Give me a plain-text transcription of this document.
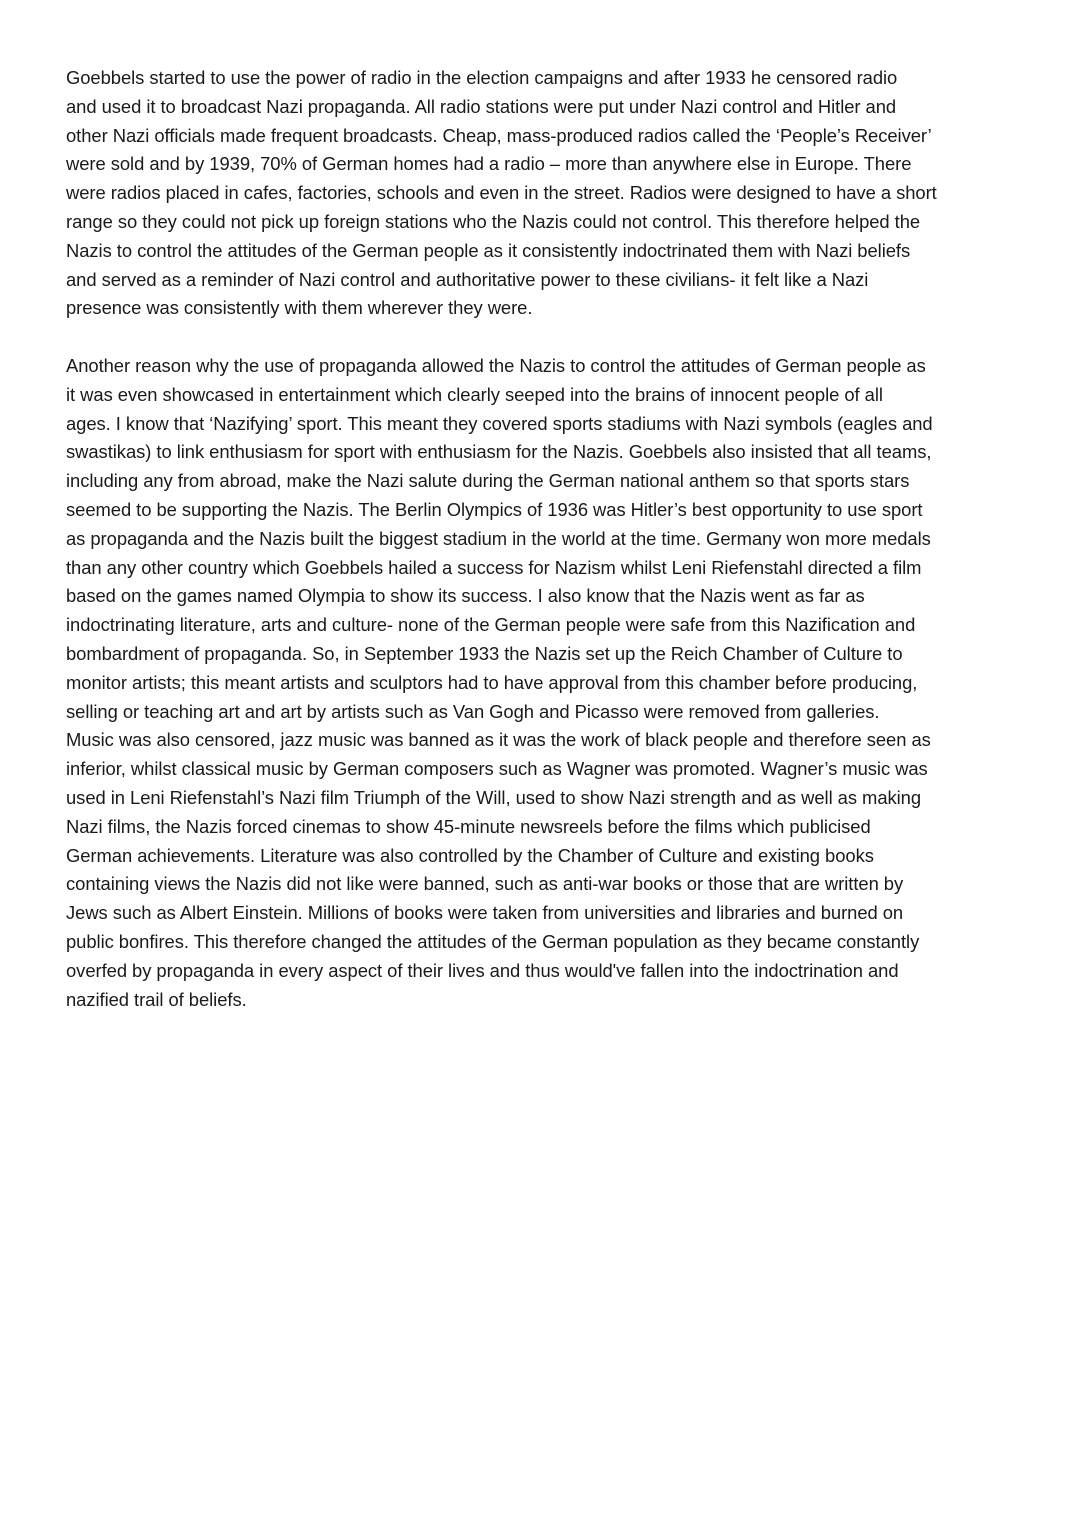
Goebbels started to use the power of radio in the election campaigns and after 1933 he censored radio
and used it to broadcast Nazi propaganda. All radio stations were put under Nazi control and Hitler and
other Nazi officials made frequent broadcasts. Cheap, mass-produced radios called the ‘People’s Receiver’
were sold and by 1939, 70% of German homes had a radio – more than anywhere else in Europe. There
were radios placed in cafes, factories, schools and even in the street. Radios were designed to have a short
range so they could not pick up foreign stations who the Nazis could not control. This therefore helped the
Nazis to control the attitudes of the German people as it consistently indoctrinated them with Nazi beliefs
and served as a reminder of Nazi control and authoritative power to these civilians- it felt like a Nazi
presence was consistently with them wherever they were.

Another reason why the use of propaganda allowed the Nazis to control the attitudes of German people as
it was even showcased in entertainment which clearly seeped into the brains of innocent people of all
ages. I know that ‘Nazifying’ sport. This meant they covered sports stadiums with Nazi symbols (eagles and
swastikas) to link enthusiasm for sport with enthusiasm for the Nazis. Goebbels also insisted that all teams,
including any from abroad, make the Nazi salute during the German national anthem so that sports stars
seemed to be supporting the Nazis. The Berlin Olympics of 1936 was Hitler’s best opportunity to use sport
as propaganda and the Nazis built the biggest stadium in the world at the time. Germany won more medals
than any other country which Goebbels hailed a success for Nazism whilst Leni Riefenstahl directed a film
based on the games named Olympia to show its success. I also know that the Nazis went as far as
indoctrinating literature, arts and culture- none of the German people were safe from this Nazification and
bombardment of propaganda. So, in September 1933 the Nazis set up the Reich Chamber of Culture to
monitor artists; this meant artists and sculptors had to have approval from this chamber before producing,
selling or teaching art and art by artists such as Van Gogh and Picasso were removed from galleries.
Music was also censored, jazz music was banned as it was the work of black people and therefore seen as
inferior, whilst classical music by German composers such as Wagner was promoted. Wagner’s music was
used in Leni Riefenstahl’s Nazi film Triumph of the Will, used to show Nazi strength and as well as making
Nazi films, the Nazis forced cinemas to show 45-minute newsreels before the films which publicised
German achievements. Literature was also controlled by the Chamber of Culture and existing books
containing views the Nazis did not like were banned, such as anti-war books or those that are written by
Jews such as Albert Einstein. Millions of books were taken from universities and libraries and burned on
public bonfires. This therefore changed the attitudes of the German population as they became constantly
overfed by propaganda in every aspect of their lives and thus would've fallen into the indoctrination and
nazified trail of beliefs.
